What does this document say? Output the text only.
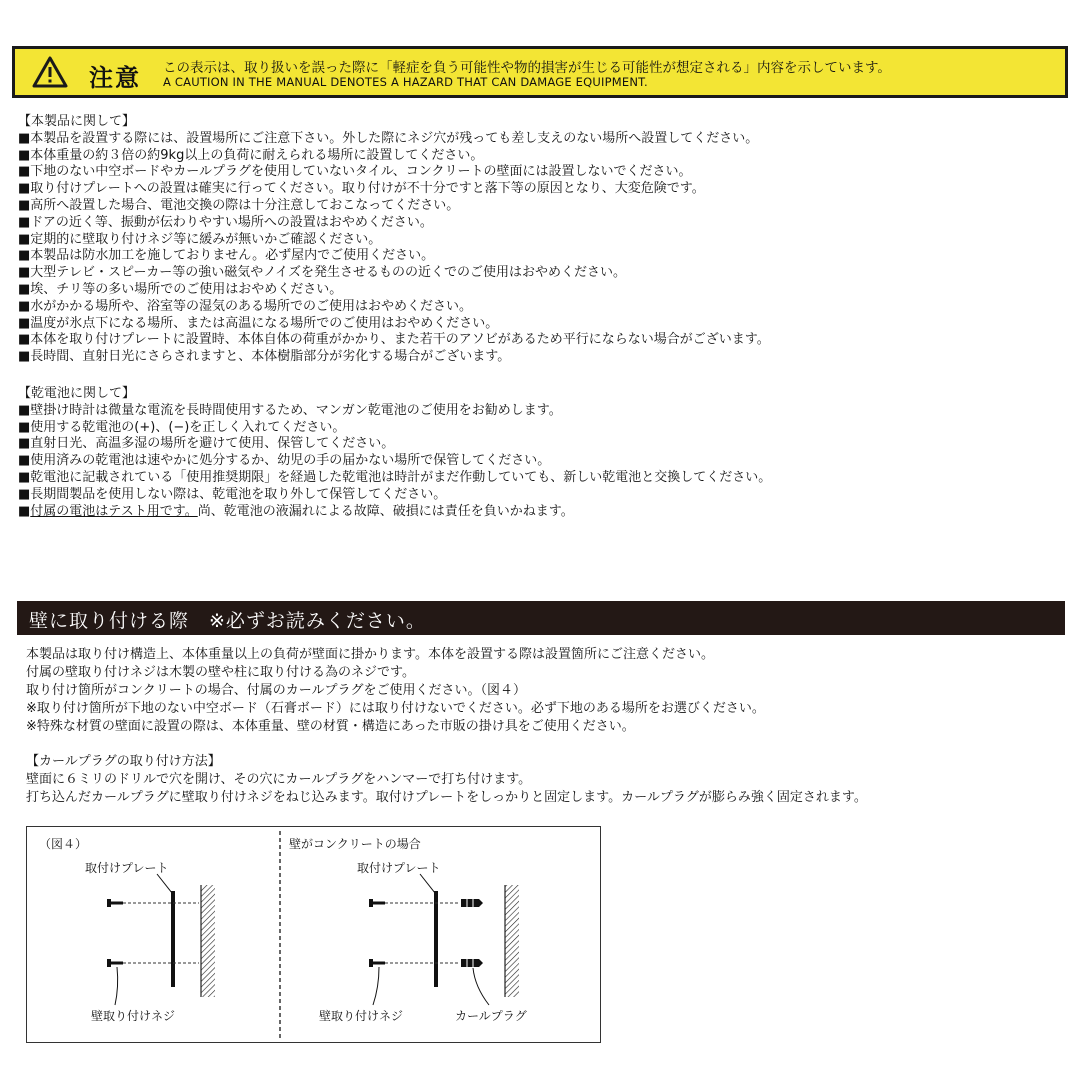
注意 この表示は、取り扱いを誤った際に「軽症を負う可能性や物的損害が生じる可能性が想定される」内容を示しています。
A CAUTION IN THE MANUAL DENOTES A HAZARD THAT CAN DAMAGE EQUIPMENT.
【本製品に関して】
■本製品を設置する際には、設置場所にご注意下さい。外した際にネジ穴が残っても差し支えのない場所へ設置してください。
■本体重量の約３倍の約9kg以上の負荷に耐えられる場所に設置してください。
■下地のない中空ボードやカールプラグを使用していないタイル、コンクリートの壁面には設置しないでください。
■取り付けプレートへの設置は確実に行ってください。取り付けが不十分ですと落下等の原因となり、大変危険です。
■高所へ設置した場合、電池交換の際は十分注意しておこなってください。
■ドアの近く等、振動が伝わりやすい場所への設置はおやめください。
■定期的に壁取り付けネジ等に緩みが無いかご確認ください。
■本製品は防水加工を施しておりません。必ず屋内でご使用ください。
■大型テレビ・スピーカー等の強い磁気やノイズを発生させるものの近くでのご使用はおやめください。
■埃、チリ等の多い場所でのご使用はおやめください。
■水がかかる場所や、浴室等の湿気のある場所でのご使用はおやめください。
■温度が氷点下になる場所、または高温になる場所でのご使用はおやめください。
■本体を取り付けプレートに設置時、本体自体の荷重がかかり、また若干のアソビがあるため平行にならない場合がございます。
■長時間、直射日光にさらされますと、本体樹脂部分が劣化する場合がございます。
【乾電池に関して】
■壁掛け時計は微量な電流を長時間使用するため、マンガン乾電池のご使用をお勧めします。
■使用する乾電池の(+)、(−)を正しく入れてください。
■直射日光、高温多湿の場所を避けて使用、保管してください。
■使用済みの乾電池は速やかに処分するか、幼児の手の届かない場所で保管してください。
■乾電池に記載されている「使用推奨期限」を経過した乾電池は時計がまだ作動していても、新しい乾電池と交換してください。
■長期間製品を使用しない際は、乾電池を取り外して保管してください。
■付属の電池はテスト用です。尚、乾電池の液漏れによる故障、破損には責任を負いかねます。
壁に取り付ける際　※必ずお読みください。
本製品は取り付け構造上、本体重量以上の負荷が壁面に掛かります。本体を設置する際は設置箇所にご注意ください。
付属の壁取り付けネジは木製の壁や柱に取り付ける為のネジです。
取り付け箇所がコンクリートの場合、付属のカールプラグをご使用ください。（図４）
※取り付け箇所が下地のない中空ボード（石膏ボード）には取り付けないでください。必ず下地のある場所をお選びください。
※特殊な材質の壁面に設置の際は、本体重量、壁の材質・構造にあった市販の掛け具をご使用ください。
【カールプラグの取り付け方法】
壁面に６ミリのドリルで穴を開け、その穴にカールプラグをハンマーで打ち付けます。
打ち込んだカールプラグに壁取り付けネジをねじ込みます。取付けプレートをしっかりと固定します。カールプラグが膨らみ強く固定されます。
（図４）	壁がコンクリートの場合
取付けプレート	取付けプレート
壁取り付けネジ	壁取り付けネジ	カールプラグ
